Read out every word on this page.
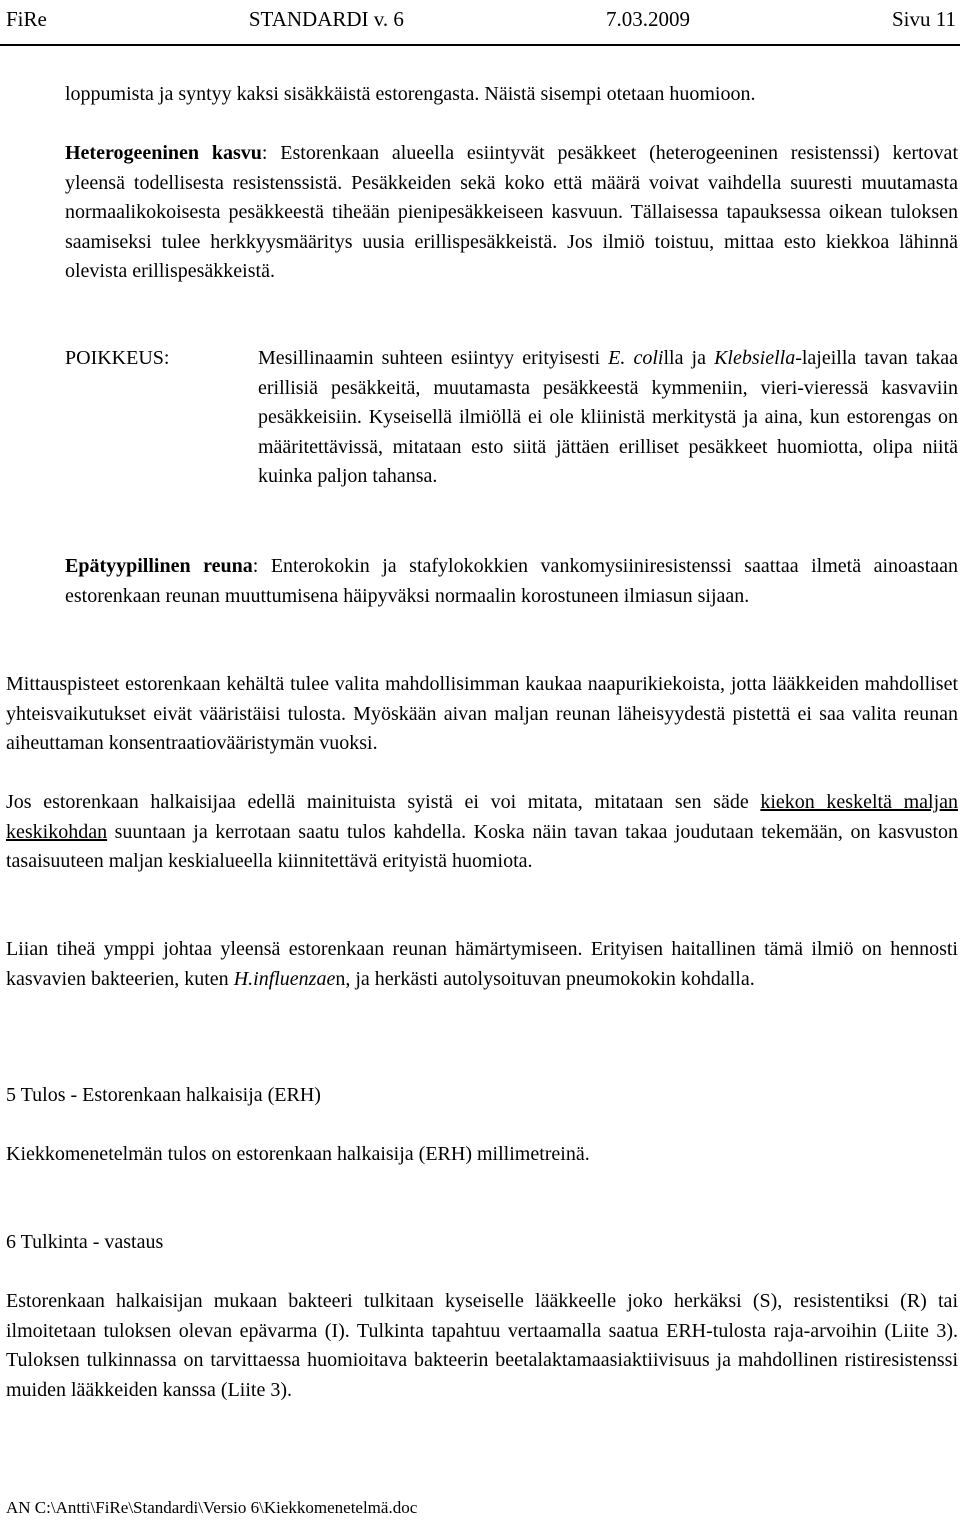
FiRe	STANDARDI v. 6	7.03.2009	Sivu 11
loppumista ja syntyy kaksi sisäkkäistä estorengasta. Näistä sisempi otetaan huomioon.
Heterogeeninen kasvu: Estorenkaan alueella esiintyvät pesäkkeet (heterogeeninen resistenssi) kertovat yleensä todellisesta resistenssistä. Pesäkkeiden sekä koko että määrä voivat vaihdella suuresti muutamasta normaalikokoisesta pesäkkeestä tiheään pienipesäkkeiseen kasvuun. Tällaisessa tapauksessa oikean tuloksen saamiseksi tulee herkkyysmääritys uusia erillispesäkkeistä. Jos ilmiö toistuu, mittaa esto kiekkoa lähinnä olevista erillispesäkkeistä.
POIKKEUS:	Mesillinaamin suhteen esiintyy erityisesti E. colilla ja Klebsiella-lajeilla tavan takaa erillisiä pesäkkeitä, muutamasta pesäkkeestä kymmeniin, vieri-vieressä kasvaviin pesäkkeisiin. Kyseisellä ilmiöllä ei ole kliinistä merkitystä ja aina, kun estorengas on määritettävissä, mitataan esto siitä jättäen erilliset pesäkkeet huomiotta, olipa niitä kuinka paljon tahansa.
Epätyypillinen reuna: Enterokokin ja stafylokokkien vankomysiiniresistenssi saattaa ilmetä ainoastaan estorenkaan reunan muuttumisena häipyväksi normaalin korostuneen ilmiasun sijaan.
Mittauspisteet estorenkaan kehältä tulee valita mahdollisimman kaukaa naapurikiekoista, jotta lääkkeiden mahdolliset yhteisvaikutukset eivät vääristäisi tulosta. Myöskään aivan maljan reunan läheisyydestä pistettä ei saa valita reunan aiheuttaman konsentraatiovääristymän vuoksi.
Jos estorenkaan halkaisijaa edellä mainituista syistä ei voi mitata, mitataan sen säde kiekon keskeltä maljan keskikohdan suuntaan ja kerrotaan saatu tulos kahdella. Koska näin tavan takaa joudutaan tekemään, on kasvuston tasaisuuteen maljan keskialueella kiinnitettävä erityistä huomiota.
Liian tiheä ymppi johtaa yleensä estorenkaan reunan hämärtymiseen. Erityisen haitallinen tämä ilmiö on hennosti kasvavien bakteerien, kuten H.influenzaen, ja herkästi autolysoituvan pneumokokin kohdalla.
5 Tulos - Estorenkaan halkaisija (ERH)
Kiekkomenetelmän tulos on estorenkaan halkaisija (ERH) millimetreinä.
6 Tulkinta - vastaus
Estorenkaan halkaisijan mukaan bakteeri tulkitaan kyseiselle lääkkeelle joko herkäksi (S), resistentiksi (R) tai ilmoitetaan tuloksen olevan epävarma (I). Tulkinta tapahtuu vertaamalla saatua ERH-tulosta raja-arvoihin (Liite 3). Tuloksen tulkinnassa on tarvittaessa huomioitava bakteerin beetalaktamaasiaktiivisuus ja mahdollinen ristiresistenssi muiden lääkkeiden kanssa (Liite 3).
AN C:\Antti\FiRe\Standardi\Versio 6\Kiekkomenetelmä.doc
